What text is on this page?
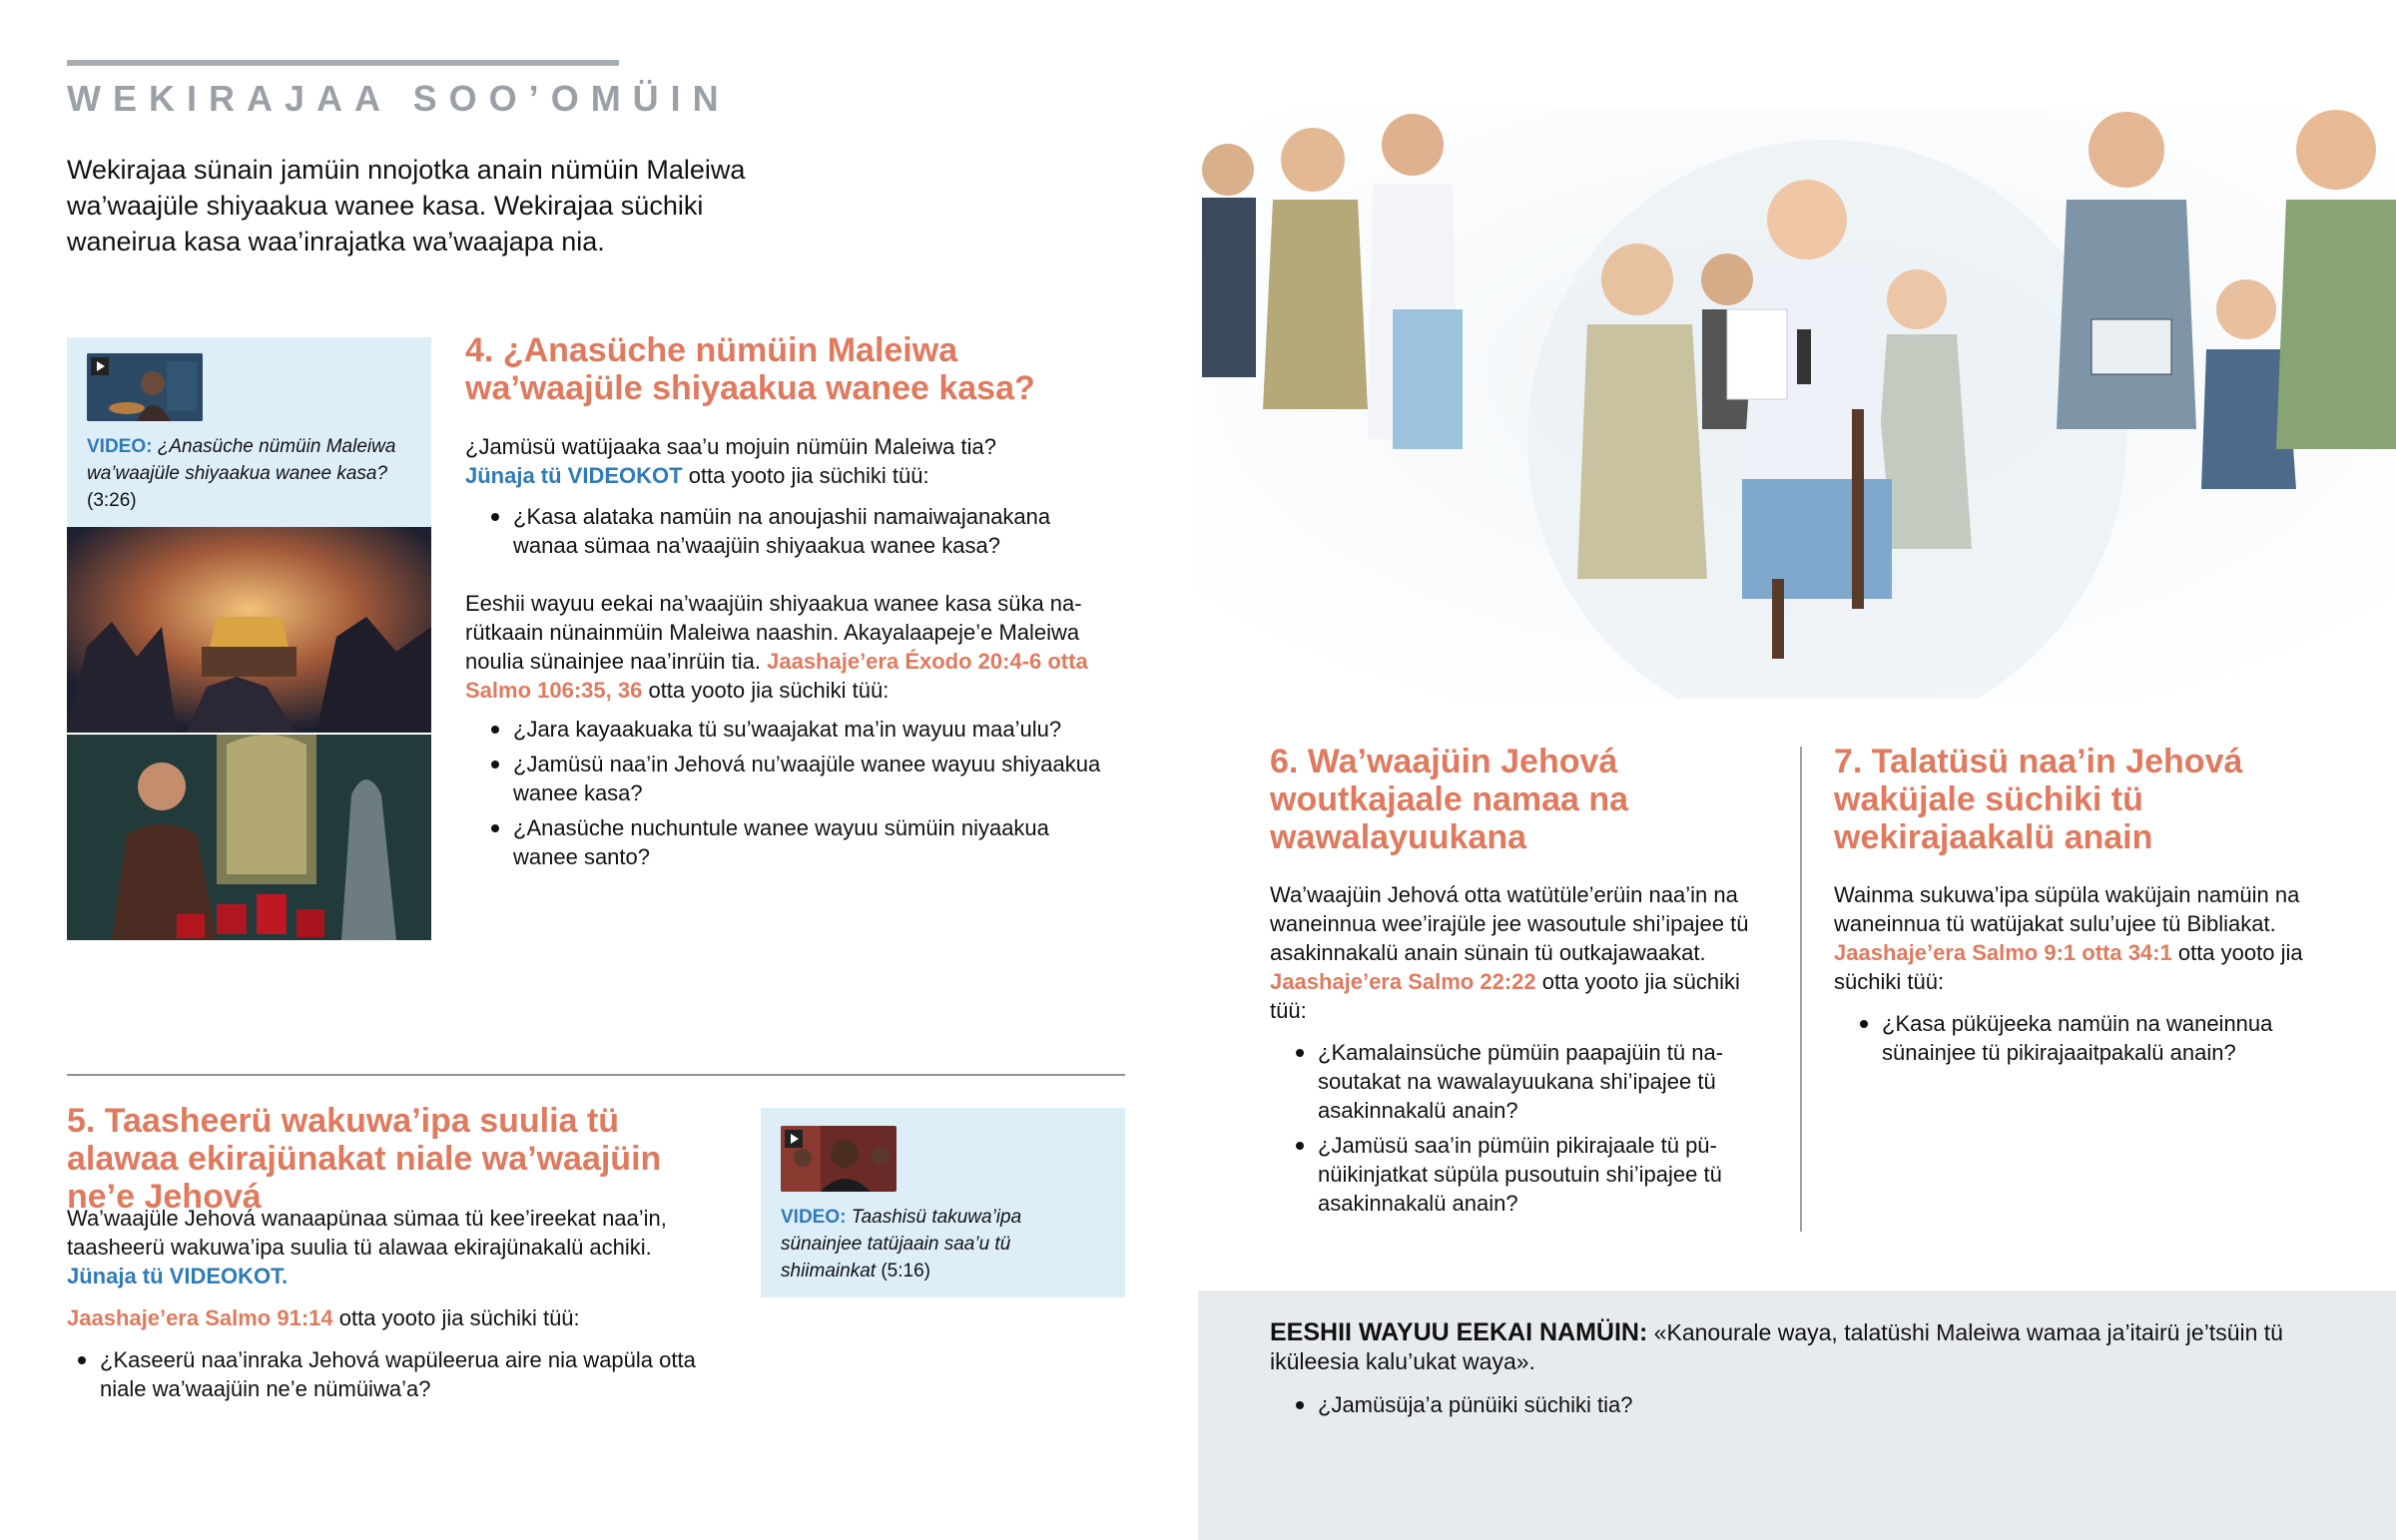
WEKIRAJAA SOO’OMÜIN
Wekirajaa sünain jamüin nnojotka anain nümüin Maleiwa wa’waajüle shiyaakua wanee kasa. Wekirajaa süchiki waneirua kasa waa’inrajatka wa’waajapa nia.
VIDEO: ¿Anasüche nümüin Maleiwa wa’waajüle shiyaakua wanee kasa? (3:26)
4. ¿Anasüche nümüin Maleiwa wa’waajüle shiyaakua wanee kasa?
¿Jamüsü watüjaaka saa’u mojuin nümüin Maleiwa tia?
Jünaja tü VIDEOKOT otta yooto jia süchiki tüü:
¿Kasa alataka namüin na anoujashii namaiwajanakana wanaa sümaa na’waajüin shiyaakua wanee kasa?
Eeshii wayuu eekai na’waajüin shiyaakua wanee kasa süka narütkaain nünainmüin Maleiwa naashin. Akayalaapeje’e Maleiwa noulia sünainjee naa’inrüin tia. Jaashaje’era Éxodo 20:4-6 otta Salmo 106:35, 36 otta yooto jia süchiki tüü:
¿Jara kayaakuaka tü su’waajakat ma’in wayuu maa’ulu?
¿Jamüsü naa’in Jehová nu’waajüle wanee wayuu shiyaakua wanee kasa?
¿Anasüche nuchuntule wanee wayuu sümüin niyaakua wanee santo?
5. Taasheerü wakuwa’ipa suulia tü alawaa ekirajünakat niale wa’waajüin ne’e Jehová
Wa’waajüle Jehová wanaapünaa sümaa tü kee’ireekat naa’in, taasheerü wakuwa’ipa suulia tü alawaa ekirajünakalü achiki. Jünaja tü VIDEOKOT.
Jaashaje’era Salmo 91:14 otta yooto jia süchiki tüü:
¿Kaseerü naa’inraka Jehová wapüleerua aire nia wapüla otta niale wa’waajüin ne’e nümüiwa’a?
VIDEO: Taashisü takuwa’ipa sünainjee tatüjaain saa’u tü shiimainkat (5:16)
6. Wa’waajüin Jehová woutkajaale namaa na wawalayuukana
Wa’waajüin Jehová otta watütüle’erüin naa’in na waneinnua wee’irajüle jee wasoutule shi’ipajee tü asakinnakalü anain sünain tü outkajawaakat. Jaashaje’era Salmo 22:22 otta yooto jia süchiki tüü:
¿Kamalainsüche pümüin paapajüin tü nasoutakat na wawalayuukana shi’ipajee tü asakinnakalü anain?
¿Jamüsü saa’in pümüin pikirajaale tü pünüikinjatkat süpüla pusoutuin shi’ipajee tü asakinnakalü anain?
7. Talatüsü naa’in Jehová waküjale süchiki tü wekirajaakalü anain
Wainma sukuwa’ipa süpüla waküjain namüin na waneinnua tü watüjakat sulu’ujee tü Bibliakat. Jaashaje’era Salmo 9:1 otta 34:1 otta yooto jia süchiki tüü:
¿Kasa püküjeeka namüin na waneinnua sünainjee tü pikirajaaitpakalü anain?
EESHII WAYUU EEKAI NAMÜIN: «Kanourale waya, talatüshi Maleiwa wamaa ja’itairü je’tsüin tü iküleesia kalu’ukat waya».
¿Jamüsüja’a pünüiki süchiki tia?
